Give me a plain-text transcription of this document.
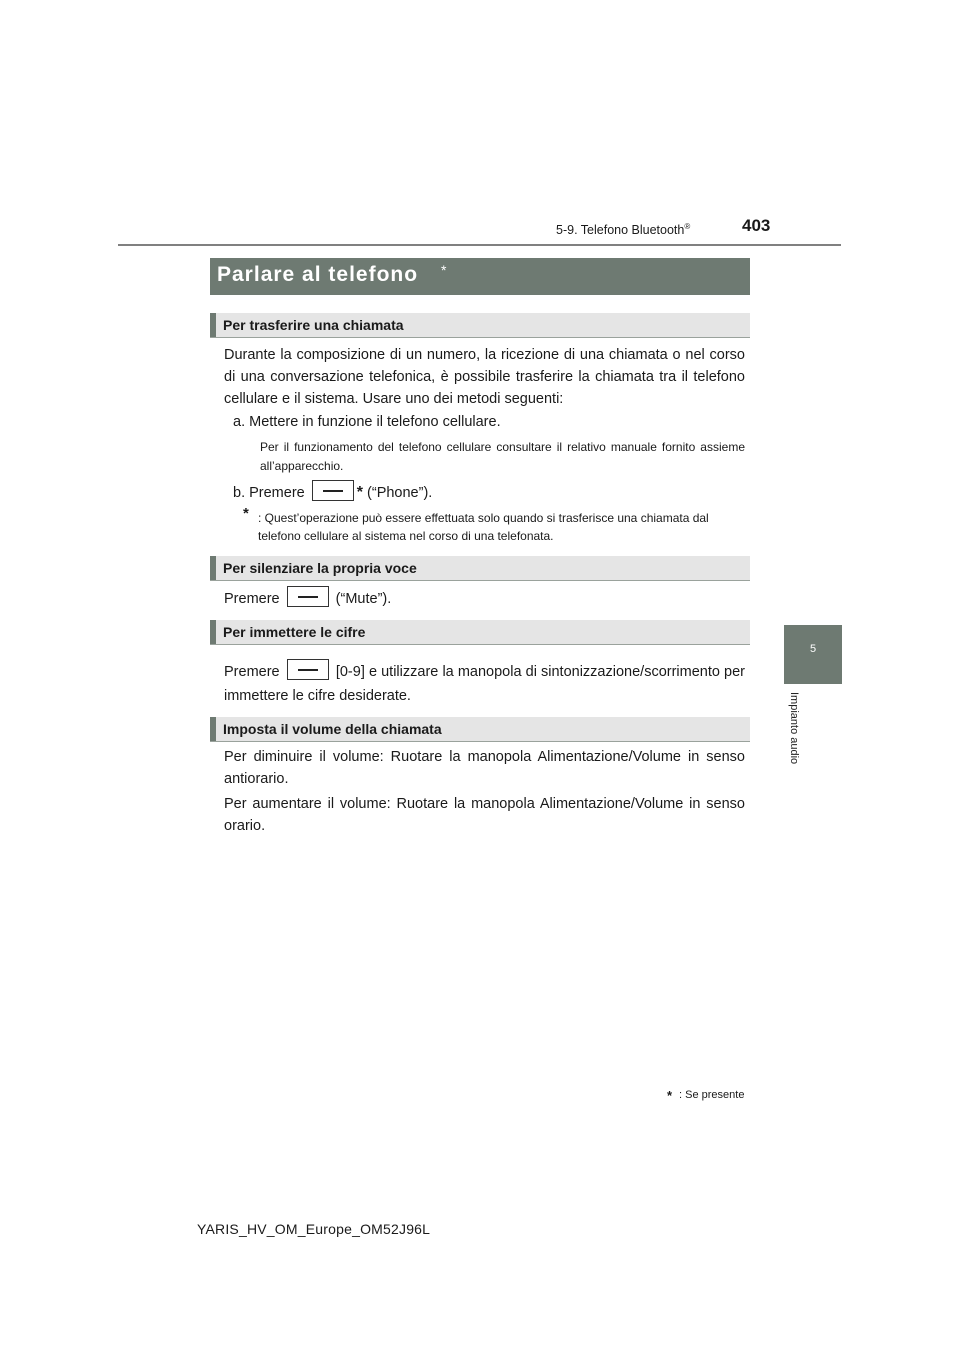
5-9. Telefono Bluetooth®	403
5
Impianto audio
Parlare al telefono *
Per trasferire una chiamata
Durante la composizione di un numero, la ricezione di una chiamata o nel corso di una conversazione telefonica, è possibile trasferire la chiamata tra il telefono cellulare e il sistema. Usare uno dei metodi seguenti:
a. Mettere in funzione il telefono cellulare.
Per il funzionamento del telefono cellulare consultare il relativo manuale fornito assieme all’apparecchio.
b. Premere	* (“Phone”).
* : Quest’operazione può essere effettuata solo quando si trasferisce una chiamata dal telefono cellulare al sistema nel corso di una telefonata.
Per silenziare la propria voce
Premere	(“Mute”).
Per immettere le cifre
Premere	[0-9] e utilizzare la manopola di sintonizzazione/scorrimento per immettere le cifre desiderate.
Imposta il volume della chiamata
Per diminuire il volume: Ruotare la manopola Alimentazione/Volume in senso antiorario.
Per aumentare il volume: Ruotare la manopola Alimentazione/Volume in senso orario.
* : Se presente
YARIS_HV_OM_Europe_OM52J96L
